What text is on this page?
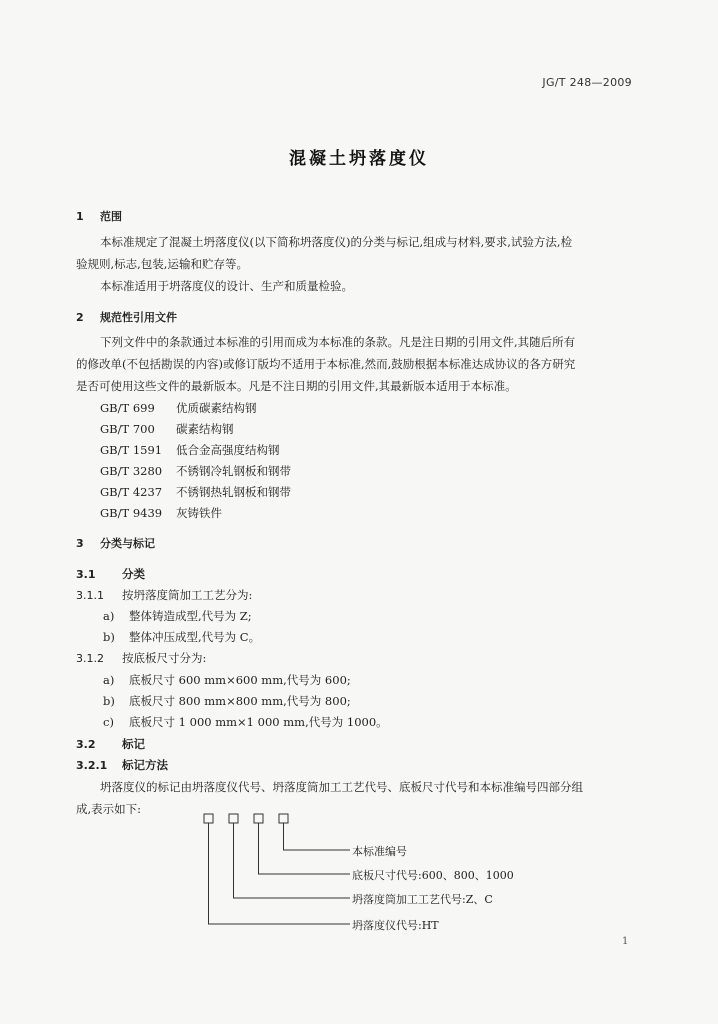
JG/T 248—2009
混凝土坍落度仪
1 范围
本标准规定了混凝土坍落度仪(以下简称坍落度仪)的分类与标记,组成与材料,要求,试验方法,检
验规则,标志,包装,运输和贮存等。
本标准适用于坍落度仪的设计、生产和质量检验。
2 规范性引用文件
下列文件中的条款通过本标准的引用而成为本标准的条款。凡是注日期的引用文件,其随后所有
的修改单(不包括勘误的内容)或修订版均不适用于本标准,然而,鼓励根据本标准达成协议的各方研究
是否可使用这些文件的最新版本。凡是不注日期的引用文件,其最新版本适用于本标准。
GB/T 699 优质碳素结构钢
GB/T 700 碳素结构钢
GB/T 1591 低合金高强度结构钢
GB/T 3280 不锈钢冷轧钢板和钢带
GB/T 4237 不锈钢热轧钢板和钢带
GB/T 9439 灰铸铁件
3 分类与标记
3.1 分类
3.1.1 按坍落度筒加工工艺分为:
a) 整体铸造成型,代号为 Z;
b) 整体冲压成型,代号为 C。
3.1.2 按底板尺寸分为:
a) 底板尺寸 600 mm×600 mm,代号为 600;
b) 底板尺寸 800 mm×800 mm,代号为 800;
c) 底板尺寸 1 000 mm×1 000 mm,代号为 1000。
3.2 标记
3.2.1 标记方法
坍落度仪的标记由坍落度仪代号、坍落度筒加工工艺代号、底板尺寸代号和本标准编号四部分组
成,表示如下:
本标准编号
底板尺寸代号:600、800、1000
坍落度筒加工工艺代号:Z、C
坍落度仪代号:HT
1
